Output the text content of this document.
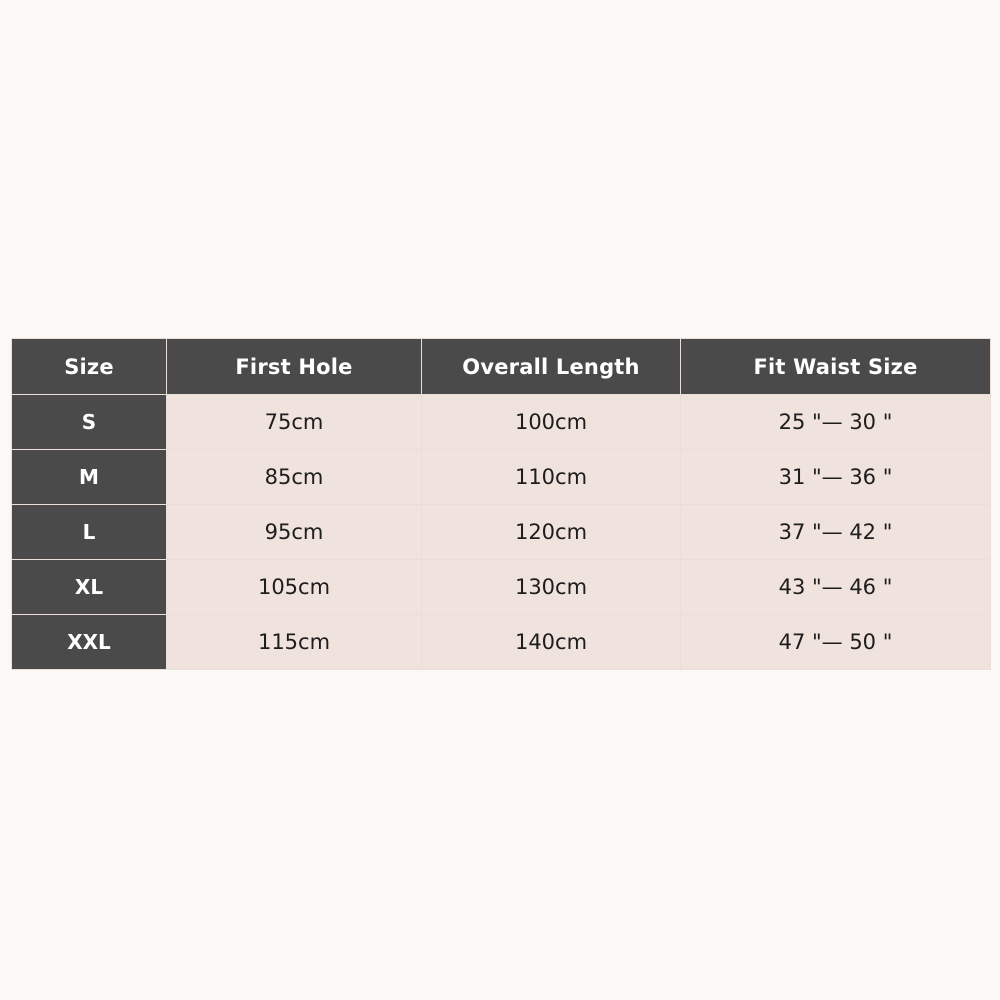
Size	First Hole	Overall Length	Fit Waist Size
S	75cm	100cm	25 "— 30 "
M	85cm	110cm	31 "— 36 "
L	95cm	120cm	37 "— 42 "
XL	105cm	130cm	43 "— 46 "
XXL	115cm	140cm	47 "— 50 "
